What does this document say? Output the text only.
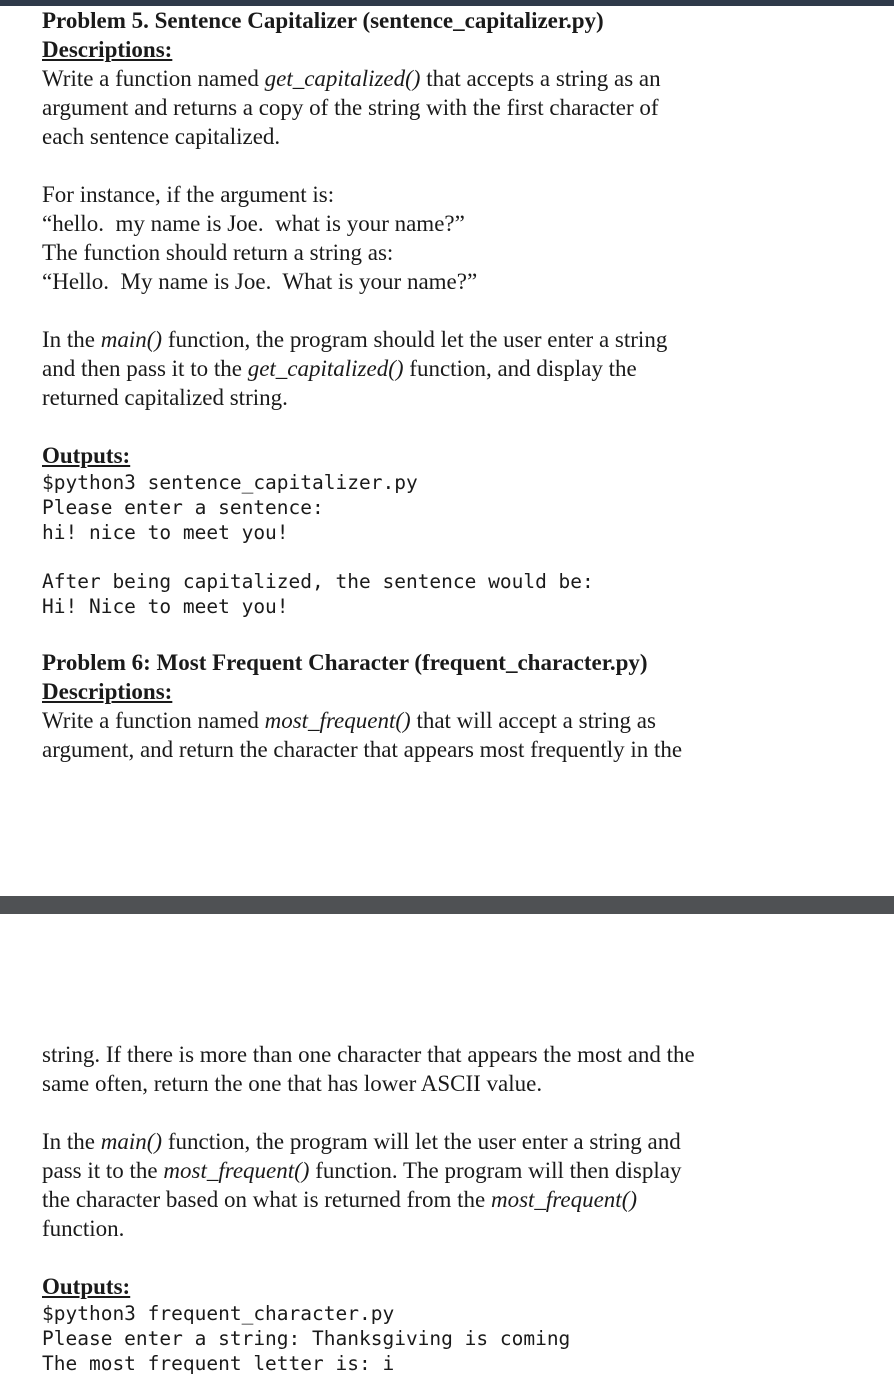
Problem 5. Sentence Capitalizer (sentence_capitalizer.py)
Descriptions:
Write a function named get_capitalized() that accepts a string as an
argument and returns a copy of the string with the first character of
each sentence capitalized.
For instance, if the argument is:
“hello.  my name is Joe.  what is your name?”
The function should return a string as:
“Hello.  My name is Joe.  What is your name?”
In the main() function, the program should let the user enter a string
and then pass it to the get_capitalized() function, and display the
returned capitalized string.
Outputs:
$python3 sentence_capitalizer.py
Please enter a sentence:
hi! nice to meet you!
After being capitalized, the sentence would be:
Hi! Nice to meet you!
Problem 6: Most Frequent Character (frequent_character.py)
Descriptions:
Write a function named most_frequent() that will accept a string as
argument, and return the character that appears most frequently in the
string. If there is more than one character that appears the most and the
same often, return the one that has lower ASCII value.
In the main() function, the program will let the user enter a string and
pass it to the most_frequent() function. The program will then display
the character based on what is returned from the most_frequent()
function.
Outputs:
$python3 frequent_character.py
Please enter a string: Thanksgiving is coming
The most frequent letter is: i
